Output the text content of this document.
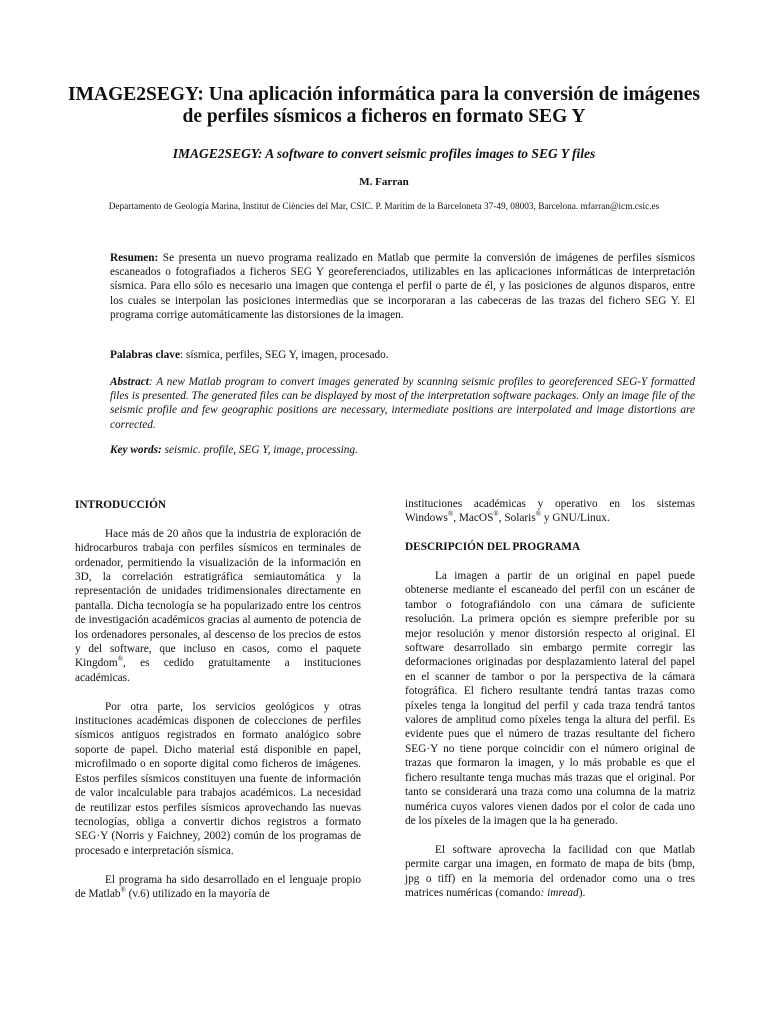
IMAGE2SEGY: Una aplicación informática para la conversión de imágenes de perfiles sísmicos a ficheros en formato SEG Y

IMAGE2SEGY: A software to convert seismic profiles images to SEG Y files

M. Farran

Departamento de Geología Marina, Institut de Ciències del Mar, CSIC. P. Marítim de la Barceloneta 37-49, 08003, Barcelona. mfarran@icm.csic.es

Resumen: Se presenta un nuevo programa realizado en Matlab que permite la conversión de imágenes de perfiles sísmicos escaneados o fotografiados a ficheros SEG Y georeferenciados, utilizables en las aplicaciones informáticas de interpretación sísmica. Para ello sólo es necesario una imagen que contenga el perfil o parte de él, y las posiciones de algunos disparos, entre los cuales se interpolan las posiciones intermedias que se incorporaran a las cabeceras de las trazas del fichero SEG Y. El programa corrige automáticamente las distorsiones de la imagen.

Palabras clave: sísmica, perfiles, SEG Y, imagen, procesado.

Abstract: A new Matlab program to convert images generated by scanning seismic profiles to georeferenced SEG-Y formatted files is presented. The generated files can be displayed by most of the interpretation software packages. Only an image file of the seismic profile and few geographic positions are necessary, intermediate positions are interpolated and image distortions are corrected.

Key words: seismic. profile, SEG Y, image, processing.

INTRODUCCIÓN

Hace más de 20 años que la industria de exploración de hidrocarburos trabaja con perfiles sísmicos en terminales de ordenador, permitiendo la visualización de la información en 3D, la correlación estratigráfica semiautomática y la representación de unidades tridimensionales directamente en pantalla. Dicha tecnología se ha popularizado entre los centros de investigación académicos gracias al aumento de potencia de los ordenadores personales, al descenso de los precios de estos y del software, que incluso en casos, como el paquete Kingdom®, es cedido gratuitamente a instituciones académicas.

Por otra parte, los servicios geológicos y otras instituciones académicas disponen de colecciones de perfiles sísmicos antiguos registrados en formato analógico sobre soporte de papel. Dicho material está disponible en papel, microfilmado o en soporte digital como ficheros de imágenes. Estos perfiles sísmicos constituyen una fuente de información de valor incalculable para trabajos académicos. La necesidad de reutilizar estos perfiles sísmicos aprovechando las nuevas tecnologías, obliga a convertir dichos registros a formato SEG·Y (Norris y Faichney, 2002) común de los programas de procesado e interpretación sísmica.

El programa ha sido desarrollado en el lenguaje propio de Matlab® (v.6) utilizado en la mayoría de

instituciones académicas y operativo en los sistemas Windows®, MacOS®, Solaris® y GNU/Linux.

DESCRIPCIÓN DEL PROGRAMA

La imagen a partir de un original en papel puede obtenerse mediante el escaneado del perfil con un escáner de tambor o fotografiándolo con una cámara de suficiente resolución. La primera opción es siempre preferible por su mejor resolución y menor distorsión respecto al original. El software desarrollado sin embargo permite corregir las deformaciones originadas por desplazamiento lateral del papel en el scanner de tambor o por la perspectiva de la cámara fotográfica. El fichero resultante tendrá tantas trazas como píxeles tenga la longitud del perfil y cada traza tendrá tantos valores de amplitud como píxeles tenga la altura del perfil. Es evidente pues que el número de trazas resultante del fichero SEG·Y no tiene porque coincidir con el número original de trazas que formaron la imagen, y lo más probable es que el fichero resultante tenga muchas más trazas que el original. Por tanto se considerará una traza como una columna de la matriz numérica cuyos valores vienen dados por el color de cada uno de los píxeles de la imagen que la ha generado.

El software aprovecha la facilidad con que Matlab permite cargar una imagen, en formato de mapa de bits (bmp, jpg o tiff) en la memoria del ordenador como una o tres matrices numéricas (comando: imread).
